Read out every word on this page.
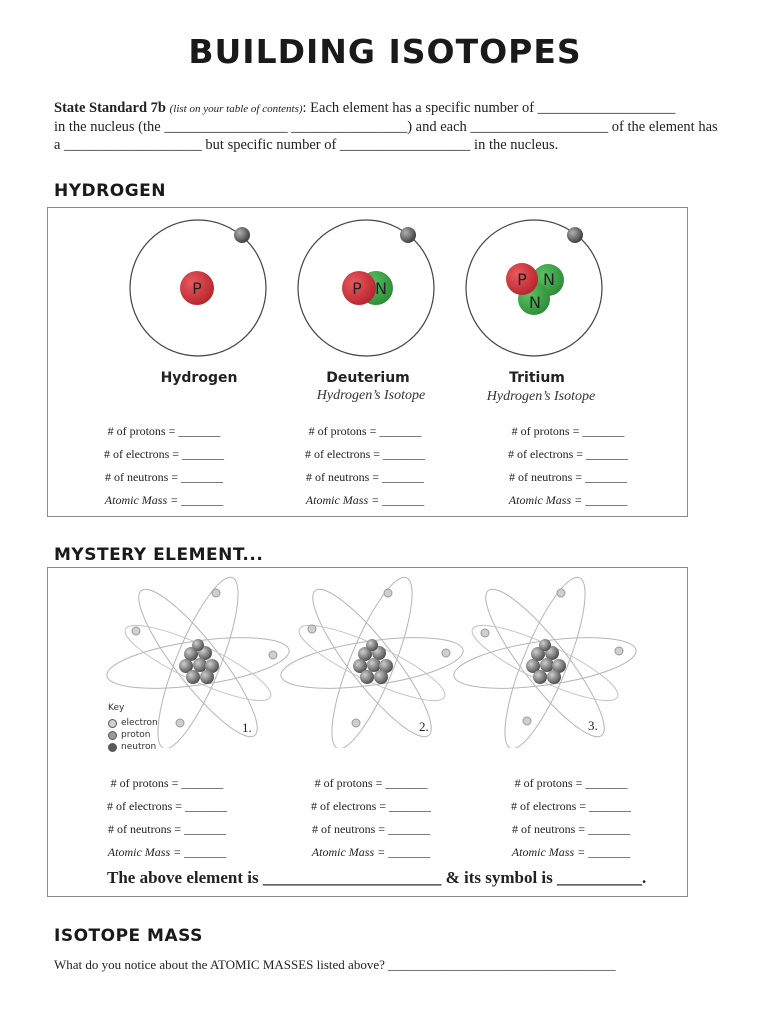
BUILDING ISOTOPES
State Standard 7b (list on your table of contents): Each element has a specific number of ___________________
in the nucleus (the _________________ ________________) and each ___________________ of the element has
a ___________________ but specific number of __________________ in the nucleus.
HYDROGEN
P	P N	P N
N
Hydrogen	Deuterium
Hydrogen’s Isotope
Tritium
Hydrogen’s Isotope
# of protons = _______
# of electrons = _______
# of neutrons = _______
Atomic Mass = _______
# of protons = _______
# of electrons = _______
# of neutrons = _______
Atomic Mass = _______
# of protons = _______
# of electrons = _______
# of neutrons = _______
Atomic Mass = _______
MYSTERY ELEMENT...
Key
electron
proton
neutron
1.	2.	3.
# of protons = _______
# of electrons = _______
# of neutrons = _______
Atomic Mass = _______
# of protons = _______
# of electrons = _______
# of neutrons = _______
Atomic Mass = _______
# of protons = _______
# of electrons = _______
# of neutrons = _______
Atomic Mass = _______
The above element is _____________________ & its symbol is __________.
ISOTOPE MASS
What do you notice about the ATOMIC MASSES listed above? ___________________________________
